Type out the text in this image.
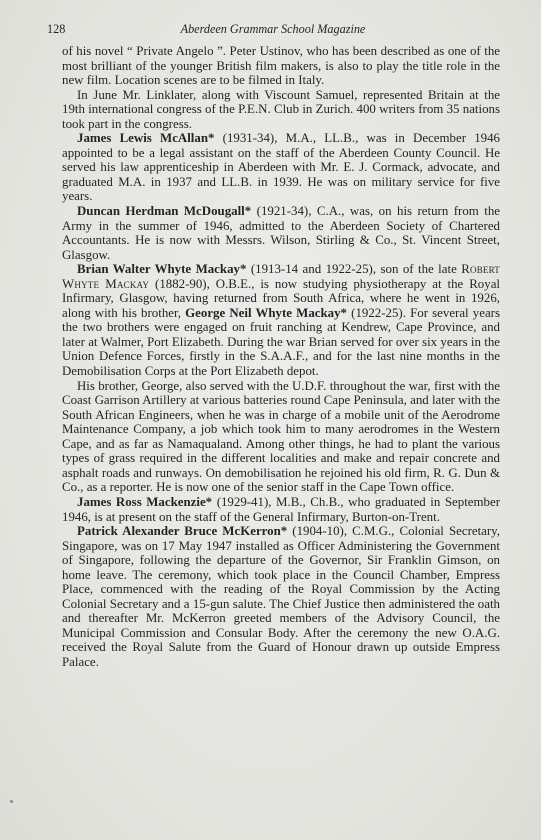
128	Aberdeen Grammar School Magazine

of his novel “ Private Angelo ”. Peter Ustinov, who has been described as one of the most brilliant of the younger British film makers, is also to play the title role in the new film. Location scenes are to be filmed in Italy.

In June Mr. Linklater, along with Viscount Samuel, represented Britain at the 19th international congress of the P.E.N. Club in Zurich. 400 writers from 35 nations took part in the congress.

James Lewis McAllan* (1931-34), M.A., LL.B., was in December 1946 appointed to be a legal assistant on the staff of the Aberdeen County Council. He served his law apprenticeship in Aberdeen with Mr. E. J. Cormack, advocate, and graduated M.A. in 1937 and LL.B. in 1939. He was on military service for five years.

Duncan Herdman McDougall* (1921-34), C.A., was, on his return from the Army in the summer of 1946, admitted to the Aberdeen Society of Chartered Accountants. He is now with Messrs. Wilson, Stirling & Co., St. Vincent Street, Glasgow.

Brian Walter Whyte Mackay* (1913-14 and 1922-25), son of the late Robert Whyte Mackay (1882-90), O.B.E., is now studying physiotherapy at the Royal Infirmary, Glasgow, having returned from South Africa, where he went in 1926, along with his brother, George Neil Whyte Mackay* (1922-25). For several years the two brothers were engaged on fruit ranching at Kendrew, Cape Province, and later at Walmer, Port Elizabeth. During the war Brian served for over six years in the Union Defence Forces, firstly in the S.A.A.F., and for the last nine months in the Demobilisation Corps at the Port Elizabeth depot.

His brother, George, also served with the U.D.F. throughout the war, first with the Coast Garrison Artillery at various batteries round Cape Peninsula, and later with the South African Engineers, when he was in charge of a mobile unit of the Aerodrome Maintenance Company, a job which took him to many aerodromes in the Western Cape, and as far as Namaqualand. Among other things, he had to plant the various types of grass required in the different localities and make and repair concrete and asphalt roads and runways. On demobilisation he rejoined his old firm, R. G. Dun & Co., as a reporter. He is now one of the senior staff in the Cape Town office.

James Ross Mackenzie* (1929-41), M.B., Ch.B., who graduated in September 1946, is at present on the staff of the General Infirmary, Burton-on-Trent.

Patrick Alexander Bruce McKerron* (1904-10), C.M.G., Colonial Secretary, Singapore, was on 17 May 1947 installed as Officer Administering the Government of Singapore, following the departure of the Governor, Sir Franklin Gimson, on home leave. The ceremony, which took place in the Council Chamber, Empress Place, commenced with the reading of the Royal Commission by the Acting Colonial Secretary and a 15-gun salute. The Chief Justice then administered the oath and thereafter Mr. McKerron greeted members of the Advisory Council, the Municipal Commission and Consular Body. After the ceremony the new O.A.G. received the Royal Salute from the Guard of Honour drawn up outside Empress Palace.
